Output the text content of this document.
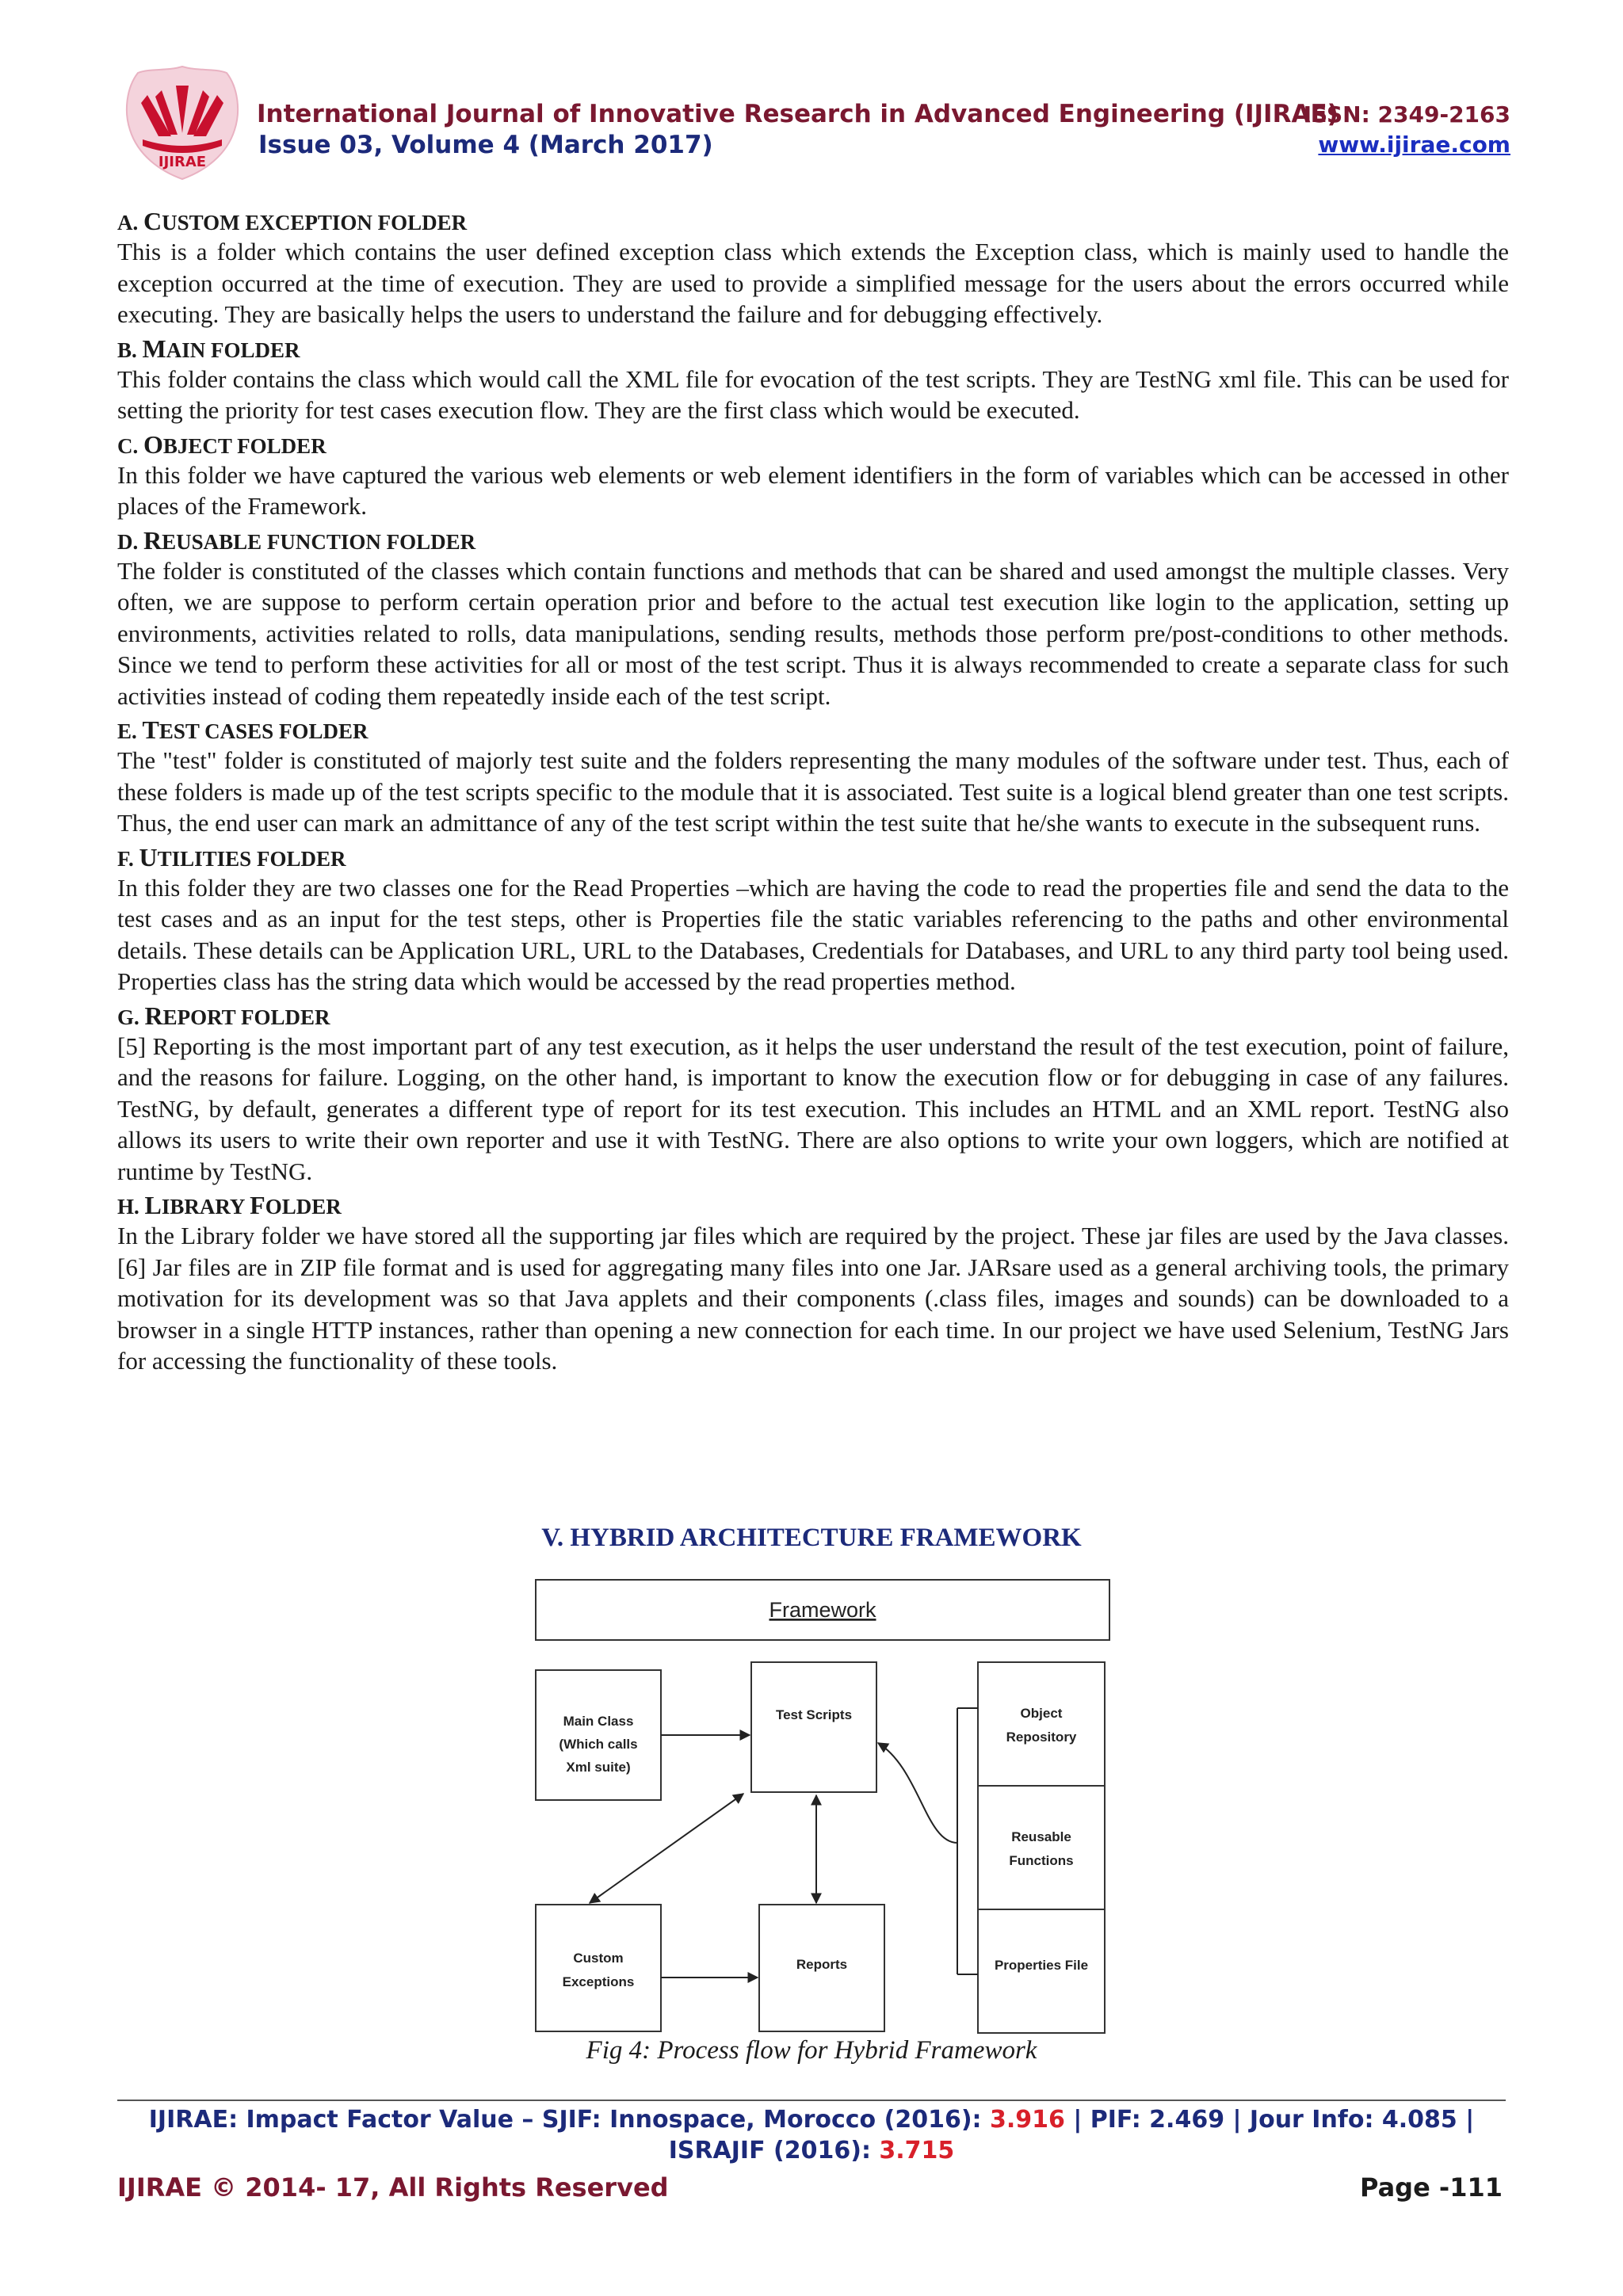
IJIRAE
International Journal of Innovative Research in Advanced Engineering (IJIRAE)
Issue 03, Volume 4 (March 2017)
ISSN: 2349-2163
www.ijirae.com
A. CUSTOM EXCEPTION FOLDER

This is a folder which contains the user defined exception class which extends the Exception class, which is mainly used to handle the exception occurred at the time of execution. They are used to provide a simplified message for the users about the errors occurred while executing. They are basically helps the users to understand the failure and for debugging effectively.

B. MAIN FOLDER

This folder contains the class which would call the XML file for evocation of the test scripts. They are TestNG xml file. This can be used for setting the priority for test cases execution flow. They are the first class which would be executed.

C. OBJECT FOLDER

In this folder we have captured the various web elements or web element identifiers in the form of variables which can be accessed in other places of the Framework.

D. REUSABLE FUNCTION FOLDER

The folder is constituted of the classes which contain functions and methods that can be shared and used amongst the multiple classes. Very often, we are suppose to perform certain operation prior and before to the actual test execution like login to the application, setting up environments, activities related to rolls, data manipulations, sending results, methods those perform pre/post-conditions to other methods. Since we tend to perform these activities for all or most of the test script. Thus it is always recommended to create a separate class for such activities instead of coding them repeatedly inside each of the test script.

E. TEST CASES FOLDER

The "test" folder is constituted of majorly test suite and the folders representing the many modules of the software under test. Thus, each of these folders is made up of the test scripts specific to the module that it is associated. Test suite is a logical blend greater than one test scripts. Thus, the end user can mark an admittance of any of the test script within the test suite that he/she wants to execute in the subsequent runs.

F. UTILITIES FOLDER

In this folder they are two classes one for the Read Properties –which are having the code to read the properties file and send the data to the test cases and as an input for the test steps, other is Properties file the static variables referencing to the paths and other environmental details. These details can be Application URL, URL to the Databases, Credentials for Databases, and URL to any third party tool being used. Properties class has the string data which would be accessed by the read properties method.

G. REPORT FOLDER

[5] Reporting is the most important part of any test execution, as it helps the user understand the result of the test execution, point of failure, and the reasons for failure. Logging, on the other hand, is important to know the execution flow or for debugging in case of any failures. TestNG, by default, generates a different type of report for its test execution. This includes an HTML and an XML report. TestNG also allows its users to write their own reporter and use it with TestNG. There are also options to write your own loggers, which are notified at runtime by TestNG.

H. LIBRARY FOLDER

In the Library folder we have stored all the supporting jar files which are required by the project. These jar files are used by the Java classes. [6] Jar files are in ZIP file format and is used for aggregating many files into one Jar. JARsare used as a general archiving tools, the primary motivation for its development was so that Java applets and their components (.class files, images and sounds) can be downloaded to a browser in a single HTTP instances, rather than opening a new connection for each time. In our project we have used Selenium, TestNG Jars for accessing the functionality of these tools.

V. HYBRID ARCHITECTURE FRAMEWORK
Framework
Main Class
(Which calls
Xml suite)
Test Scripts	Object
Repository
Reusable
Functions
Properties File
Custom
Exceptions
Reports
Fig 4: Process flow for Hybrid Framework
IJIRAE: Impact Factor Value – SJIF: Innospace, Morocco (2016): 3.916 | PIF: 2.469 | Jour Info: 4.085 |
ISRAJIF (2016): 3.715
IJIRAE © 2014- 17, All Rights Reserved	Page -111
